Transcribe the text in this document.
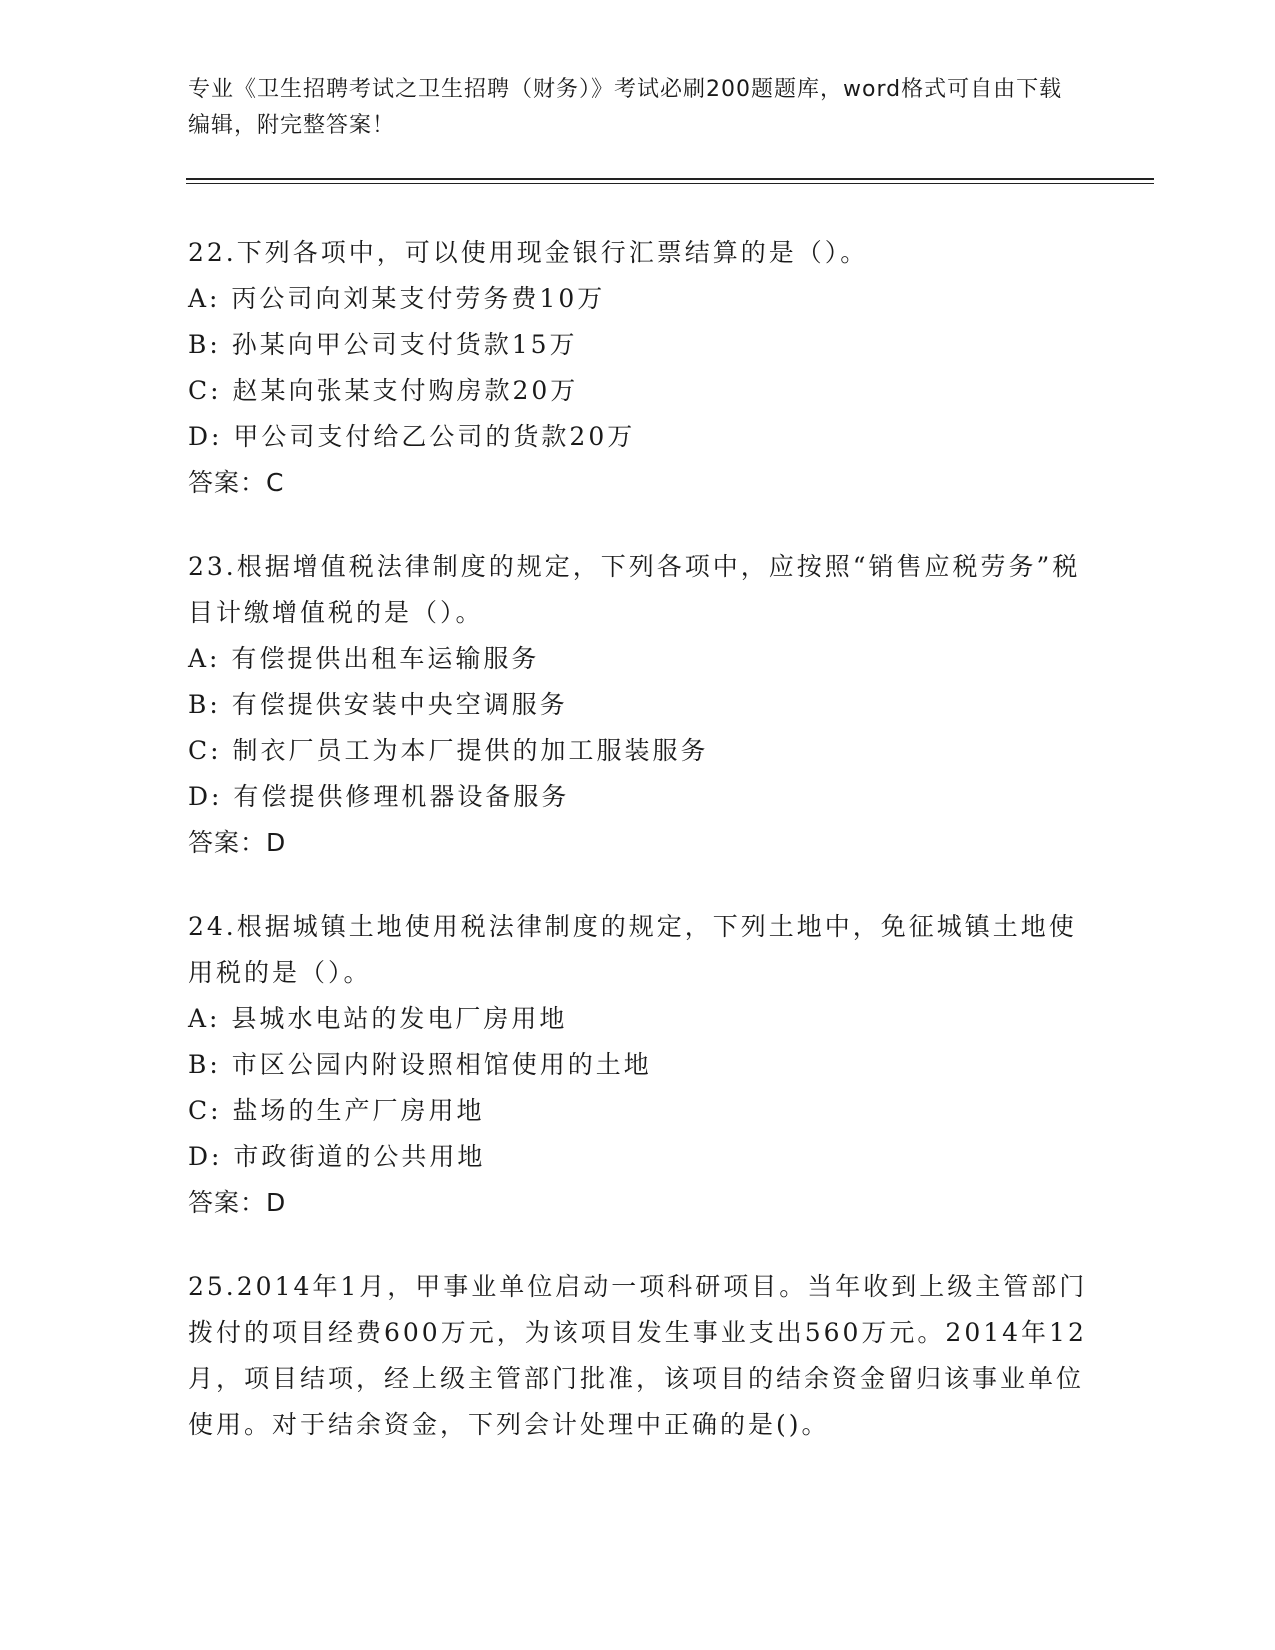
专业《卫生招聘考试之卫生招聘（财务）》考试必刷200题题库，word格式可自由下载编辑，附完整答案！
22.下列各项中，可以使用现金银行汇票结算的是（）。
A: 丙公司向刘某支付劳务费10万
B: 孙某向甲公司支付货款15万
C: 赵某向张某支付购房款20万
D: 甲公司支付给乙公司的货款20万
答案：C
23.根据增值税法律制度的规定，下列各项中，应按照“销售应税劳务”税目计缴增值税的是（）。
A: 有偿提供出租车运输服务
B: 有偿提供安装中央空调服务
C: 制衣厂员工为本厂提供的加工服装服务
D: 有偿提供修理机器设备服务
答案：D
24.根据城镇土地使用税法律制度的规定，下列土地中，免征城镇土地使用税的是（）。
A: 县城水电站的发电厂房用地
B: 市区公园内附设照相馆使用的土地
C: 盐场的生产厂房用地
D: 市政街道的公共用地
答案：D
25.2014年1月，甲事业单位启动一项科研项目。当年收到上级主管部门拨付的项目经费600万元，为该项目发生事业支出560万元。2014年12月，项目结项，经上级主管部门批准，该项目的结余资金留归该事业单位使用。对于结余资金，下列会计处理中正确的是()。
